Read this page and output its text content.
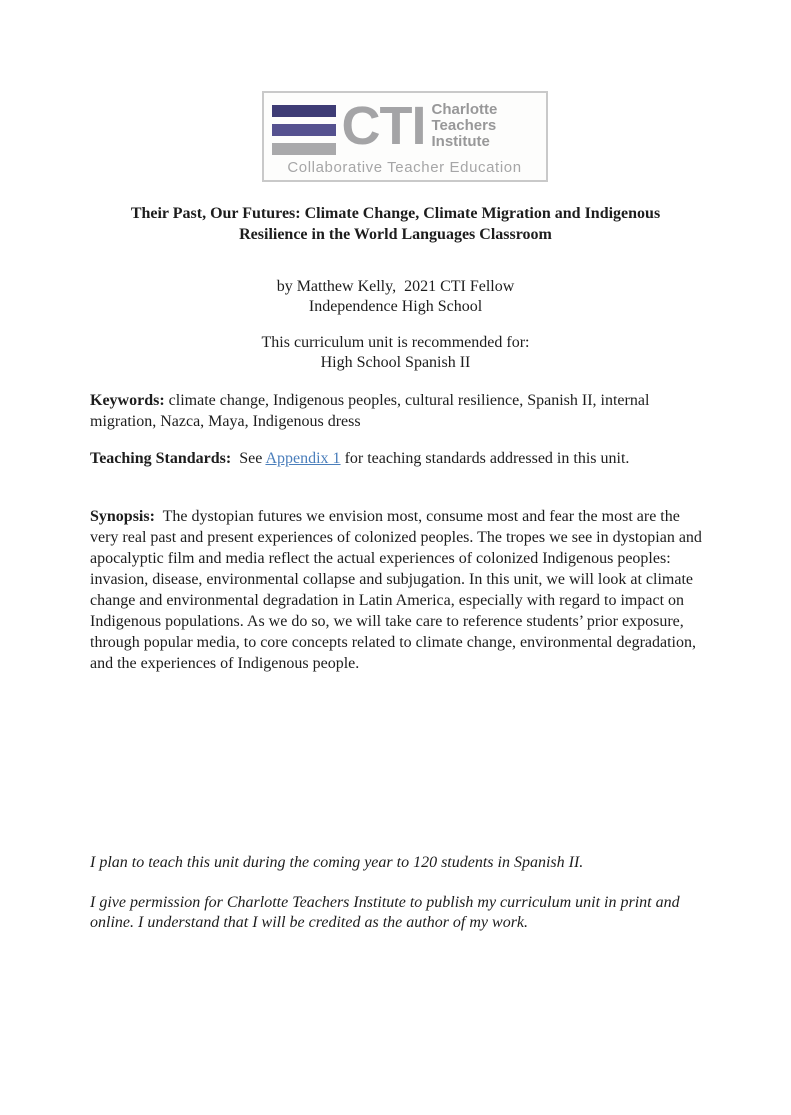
CTI Charlotte
Teachers
Institute
Collaborative Teacher Education
Their Past, Our Futures: Climate Change, Climate Migration and Indigenous Resilience in the World Languages Classroom
by Matthew Kelly,  2021 CTI Fellow
Independence High School
This curriculum unit is recommended for:
High School Spanish II

Keywords: climate change, Indigenous peoples, cultural resilience, Spanish II, internal migration, Nazca, Maya, Indigenous dress

Teaching Standards:  See Appendix 1 for teaching standards addressed in this unit.

Synopsis:  The dystopian futures we envision most, consume most and fear the most are the very real past and present experiences of colonized peoples. The tropes we see in dystopian and apocalyptic film and media reflect the actual experiences of colonized Indigenous peoples: invasion, disease, environmental collapse and subjugation. In this unit, we will look at climate change and environmental degradation in Latin America, especially with regard to impact on Indigenous populations. As we do so, we will take care to reference students’ prior exposure, through popular media, to core concepts related to climate change, environmental degradation, and the experiences of Indigenous people.

I plan to teach this unit during the coming year to 120 students in Spanish II.

I give permission for Charlotte Teachers Institute to publish my curriculum unit in print and online. I understand that I will be credited as the author of my work.
